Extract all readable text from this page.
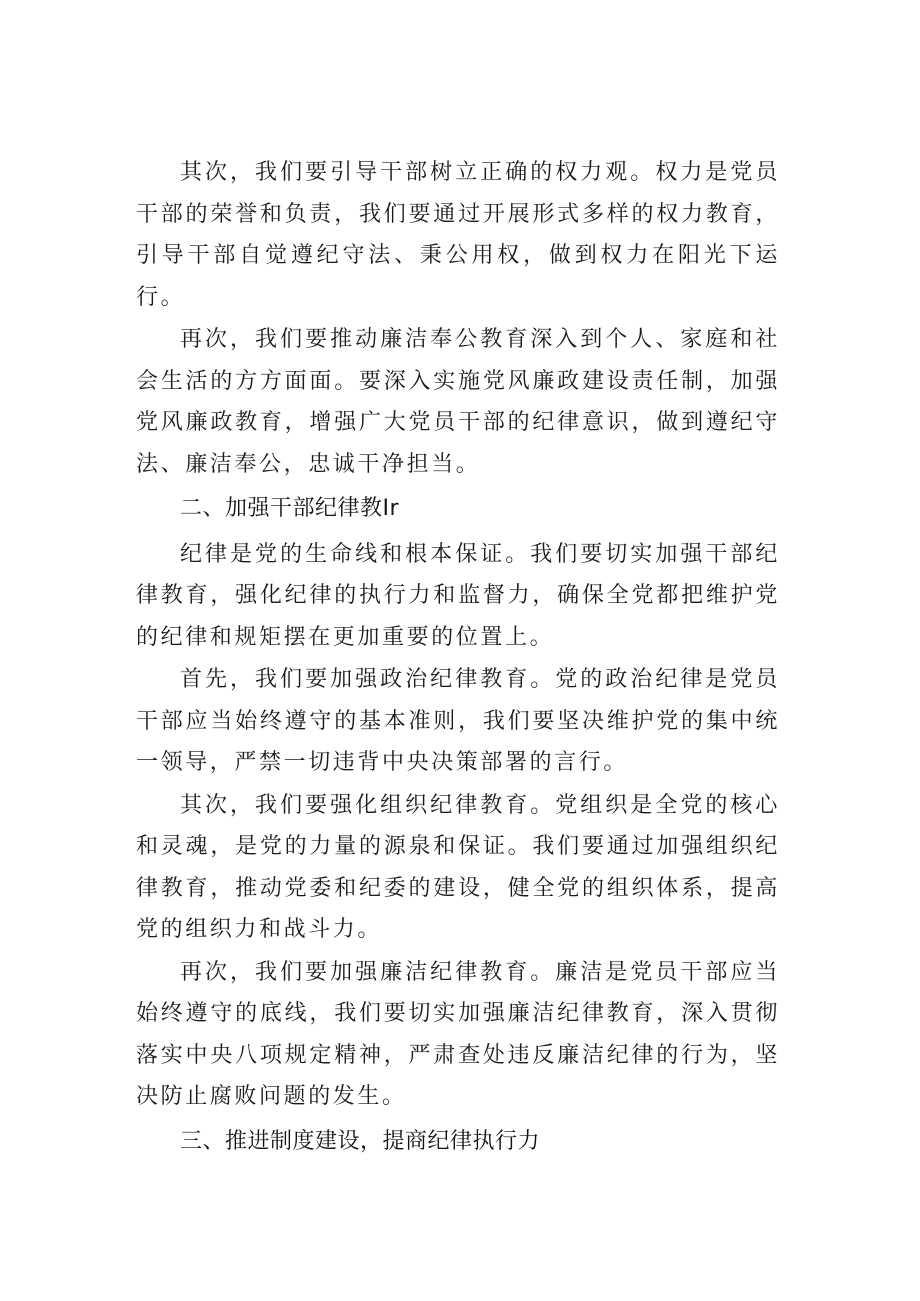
其次，我们要引导干部树立正确的权力观。权力是党员干部的荣誉和负责，我们要通过开展形式多样的权力教育，引导干部自觉遵纪守法、秉公用权，做到权力在阳光下运行。

再次，我们要推动廉洁奉公教育深入到个人、家庭和社会生活的方方面面。要深入实施党风廉政建设责任制，加强党风廉政教育，增强广大党员干部的纪律意识，做到遵纪守法、廉洁奉公，忠诚干净担当。

二、加强干部纪律教Ir

纪律是党的生命线和根本保证。我们要切实加强干部纪律教育，强化纪律的执行力和监督力，确保全党都把维护党的纪律和规矩摆在更加重要的位置上。

首先，我们要加强政治纪律教育。党的政治纪律是党员干部应当始终遵守的基本准则，我们要坚决维护党的集中统一领导，严禁一切违背中央决策部署的言行。

其次，我们要强化组织纪律教育。党组织是全党的核心和灵魂，是党的力量的源泉和保证。我们要通过加强组织纪律教育，推动党委和纪委的建设，健全党的组织体系，提高党的组织力和战斗力。

再次，我们要加强廉洁纪律教育。廉洁是党员干部应当始终遵守的底线，我们要切实加强廉洁纪律教育，深入贯彻落实中央八项规定精神，严肃查处违反廉洁纪律的行为，坚决防止腐败问题的发生。

三、推进制度建设，提商纪律执行力
